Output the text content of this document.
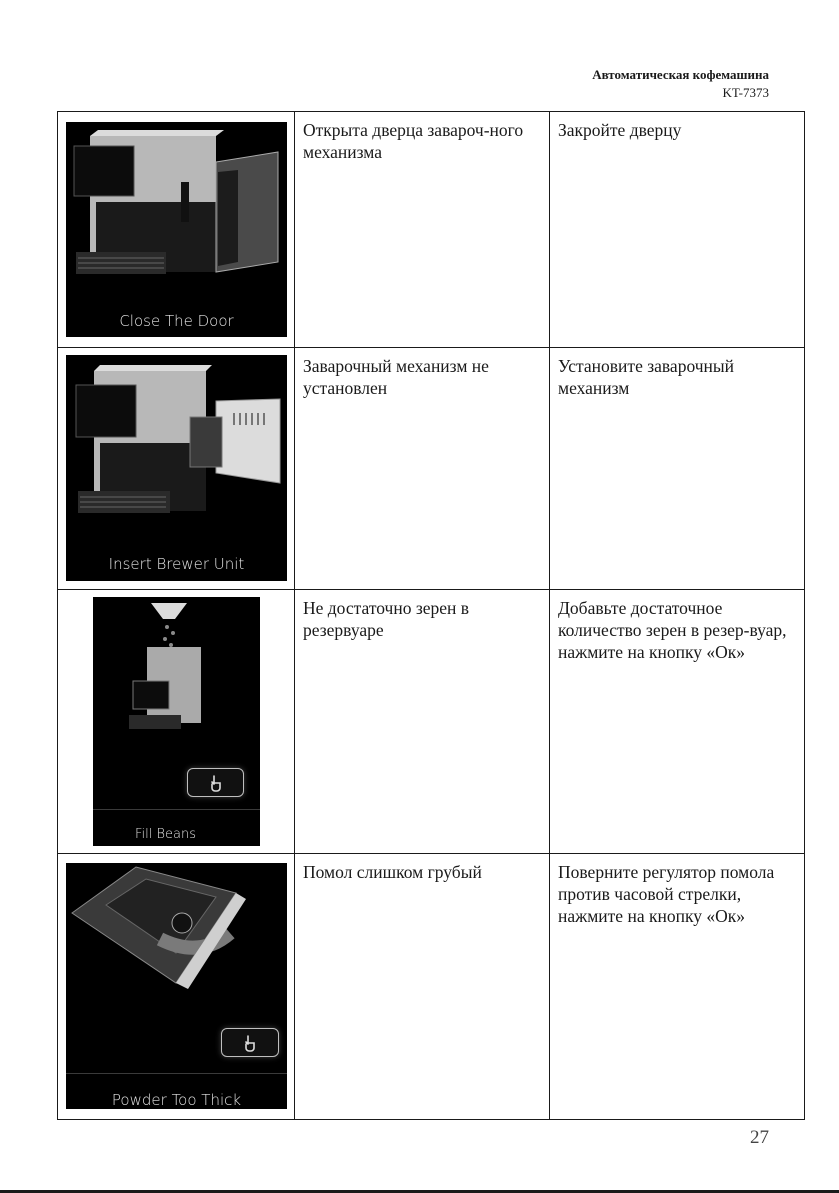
Автоматическая кофемашина
KT-7373
Close The Door	Открыта дверца завароч-ного механизма	Закройте дверцу

Insert Brewer Unit	Заварочный механизм не установлен	Установите заварочный механизм

Fill Beans	Не достаточно зерен в резервуаре	Добавьте достаточное количество зерен в резер-вуар, нажмите на кнопку «Ок»

Powder Too Thick	Помол слишком грубый	Поверните регулятор помола против часовой стрелки, нажмите на кнопку «Ок»
27
